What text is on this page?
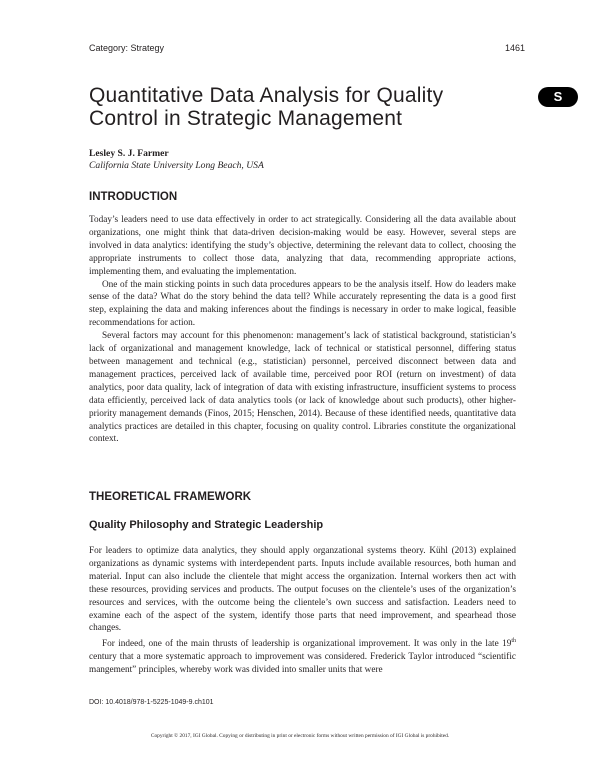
Category: Strategy	1461
Quantitative Data Analysis for Quality Control in Strategic Management
S
Lesley S. J. Farmer
California State University Long Beach, USA
INTRODUCTION

Today’s leaders need to use data effectively in order to act strategically. Considering all the data available about organizations, one might think that data-driven decision-making would be easy. However, several steps are involved in data analytics: identifying the study’s objective, determining the relevant data to collect, choosing the appropriate instruments to collect those data, analyzing that data, recommending appropriate actions, implementing them, and evaluating the implementation.

One of the main sticking points in such data procedures appears to be the analysis itself. How do leaders make sense of the data? What do the story behind the data tell? While accurately representing the data is a good first step, explaining the data and making inferences about the findings is necessary in order to make logical, feasible recommendations for action.

Several factors may account for this phenomenon: management’s lack of statistical background, statistician’s lack of organizational and management knowledge, lack of technical or statistical personnel, differing status between management and technical (e.g., statistician) personnel, perceived disconnect between data and management practices, perceived lack of available time, perceived poor ROI (return on investment) of data analytics, poor data quality, lack of integration of data with existing infrastructure, insufficient systems to process data efficiently, perceived lack of data analytics tools (or lack of knowledge about such products), other higher-priority management demands (Finos, 2015; Henschen, 2014). Because of these identified needs, quantitative data analytics practices are detailed in this chapter, focusing on quality control. Libraries constitute the organizational context.

THEORETICAL FRAMEWORK
Quality Philosophy and Strategic Leadership

For leaders to optimize data analytics, they should apply organzational systems theory. Kühl (2013) explained organizations as dynamic systems with interdependent parts. Inputs include available resources, both human and material. Input can also include the clientele that might access the organization. Internal workers then act with these resources, providing services and products. The output focuses on the clientele’s uses of the organization’s resources and services, with the outcome being the clientele’s own success and satisfaction. Leaders need to examine each of the aspect of the system, identify those parts that need improvement, and spearhead those changes.

For indeed, one of the main thrusts of leadership is organizational improvement. It was only in the late 19th century that a more systematic approach to improvement was considered. Frederick Taylor introduced “scientific mangement” principles, whereby work was divided into smaller units that were

DOI: 10.4018/978-1-5225-1049-9.ch101
Copyright © 2017, IGI Global. Copying or distributing in print or electronic forms without written permission of IGI Global is prohibited.
